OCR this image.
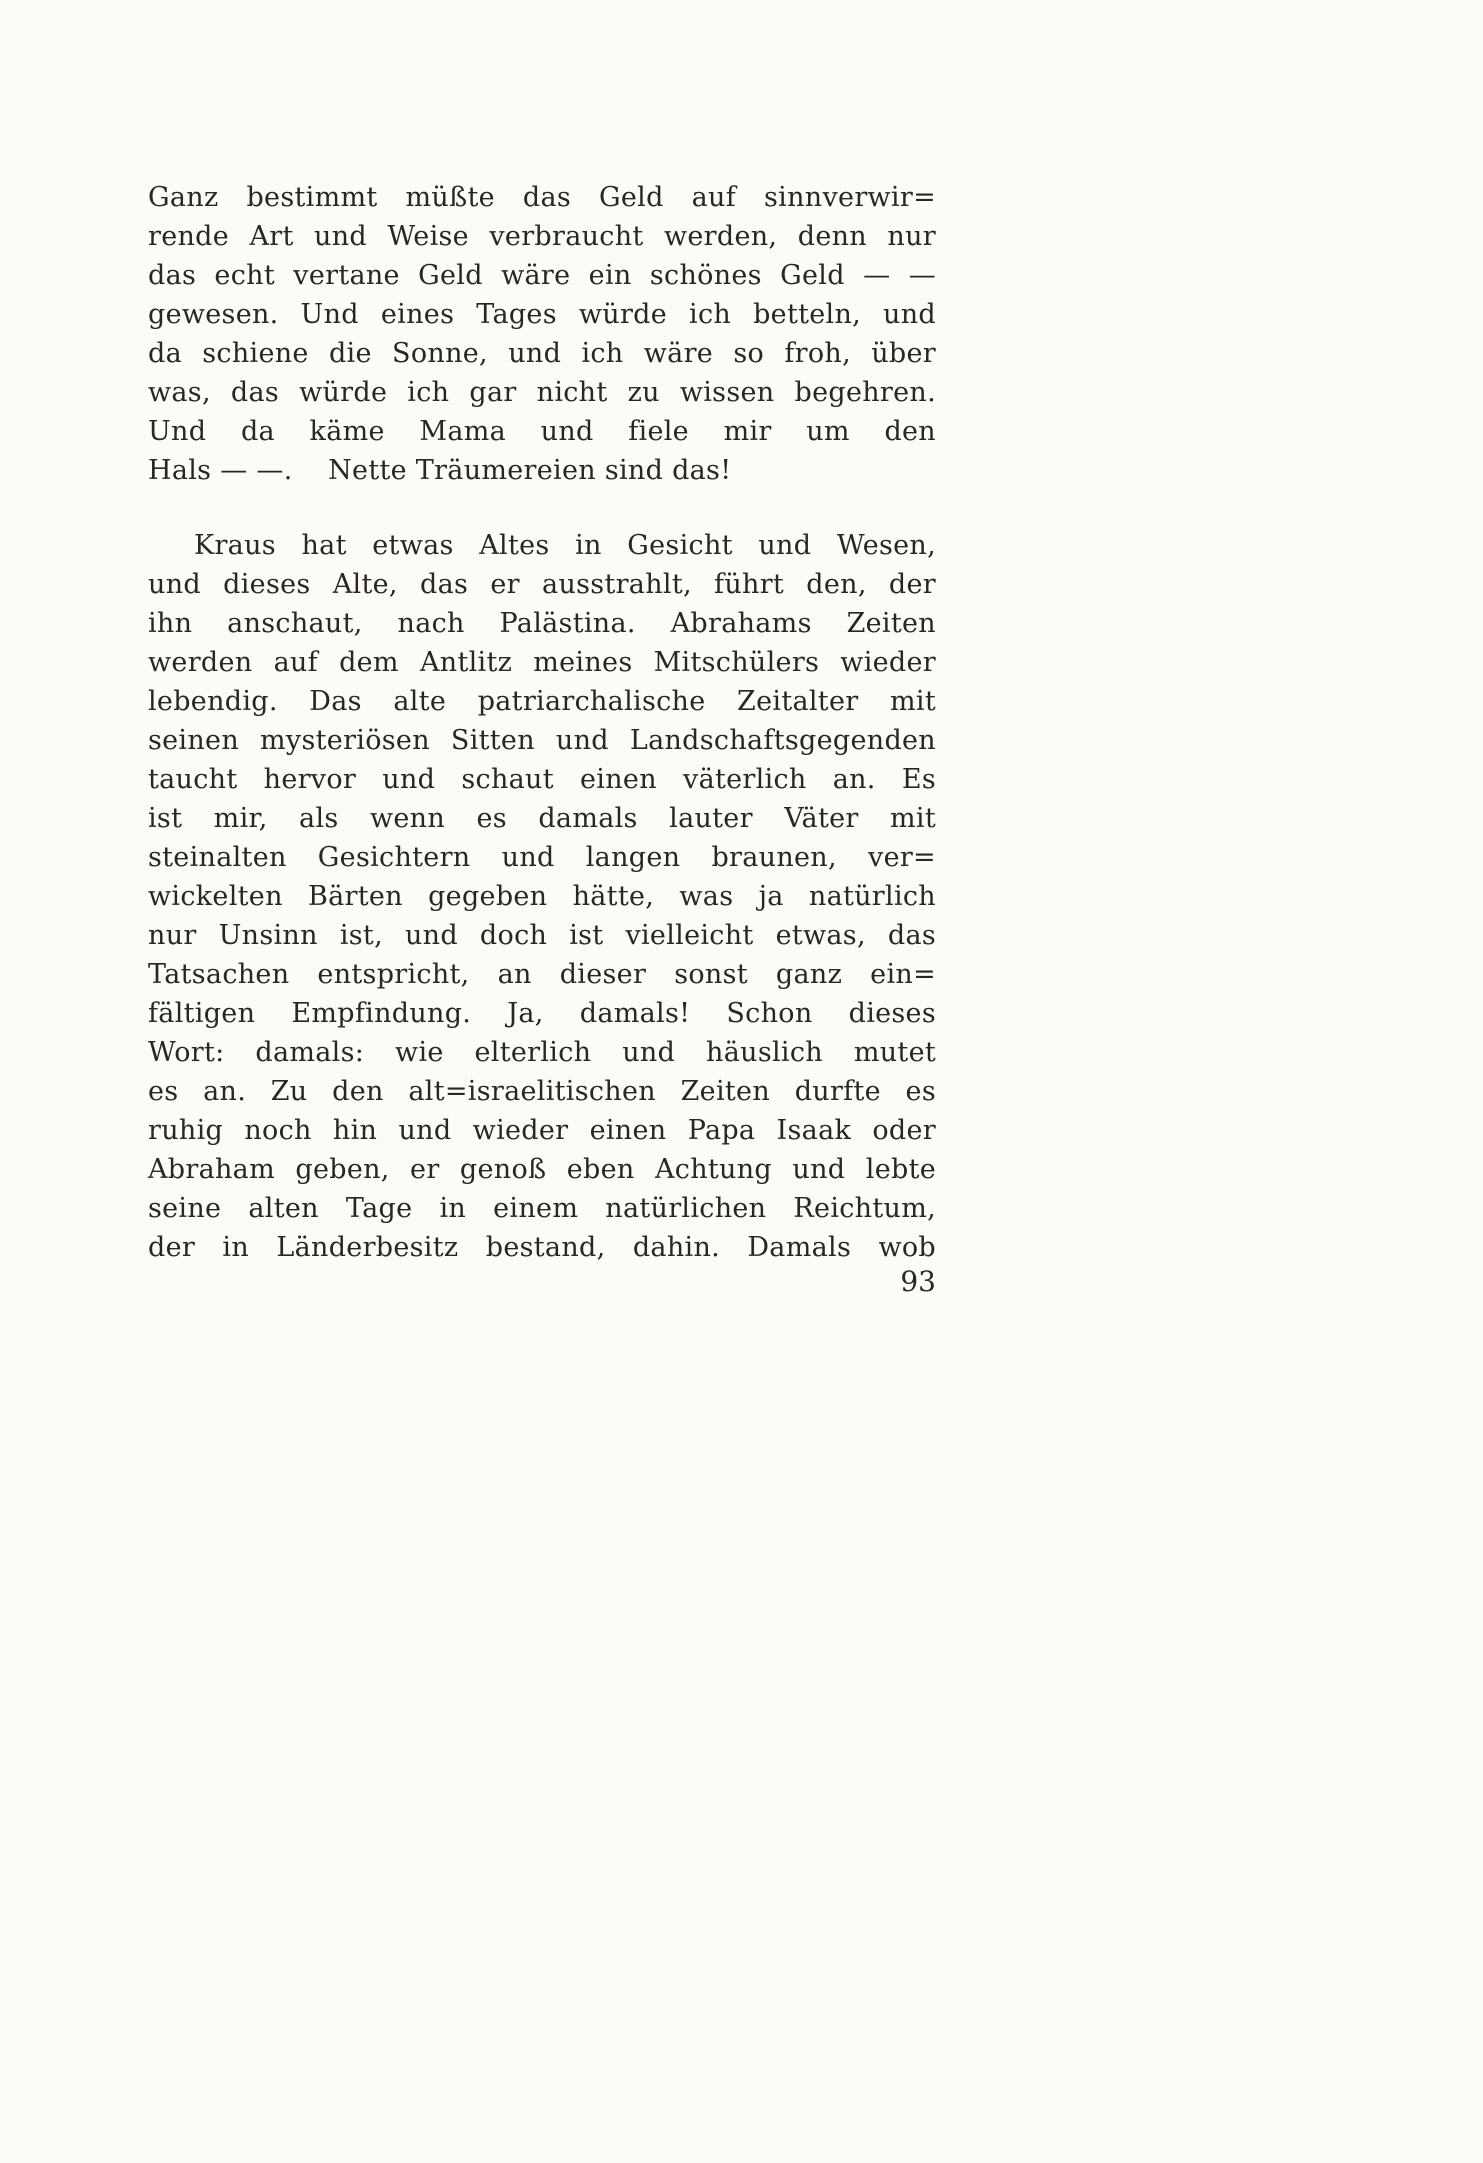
Ganz bestimmt müßte das Geld auf sinnverwir=
rende Art und Weise verbraucht werden, denn nur
das echt vertane Geld wäre ein schönes Geld — —
gewesen. Und eines Tages würde ich betteln, und
da schiene die Sonne, und ich wäre so froh, über
was, das würde ich gar nicht zu wissen begehren.
Und da käme Mama und fiele mir um den
Hals — —.    Nette Träumereien sind das!
Kraus hat etwas Altes in Gesicht und Wesen,
und dieses Alte, das er ausstrahlt, führt den, der
ihn anschaut, nach Palästina. Abrahams Zeiten
werden auf dem Antlitz meines Mitschülers wieder
lebendig. Das alte patriarchalische Zeitalter mit
seinen mysteriösen Sitten und Landschaftsgegenden
taucht hervor und schaut einen väterlich an. Es
ist mir, als wenn es damals lauter Väter mit
steinalten Gesichtern und langen braunen, ver=
wickelten Bärten gegeben hätte, was ja natürlich
nur Unsinn ist, und doch ist vielleicht etwas, das
Tatsachen entspricht, an dieser sonst ganz ein=
fältigen Empfindung. Ja, damals! Schon dieses
Wort: damals: wie elterlich und häuslich mutet
es an. Zu den alt=israelitischen Zeiten durfte es
ruhig noch hin und wieder einen Papa Isaak oder
Abraham geben, er genoß eben Achtung und lebte
seine alten Tage in einem natürlichen Reichtum,
der in Länderbesitz bestand, dahin. Damals wob
93
